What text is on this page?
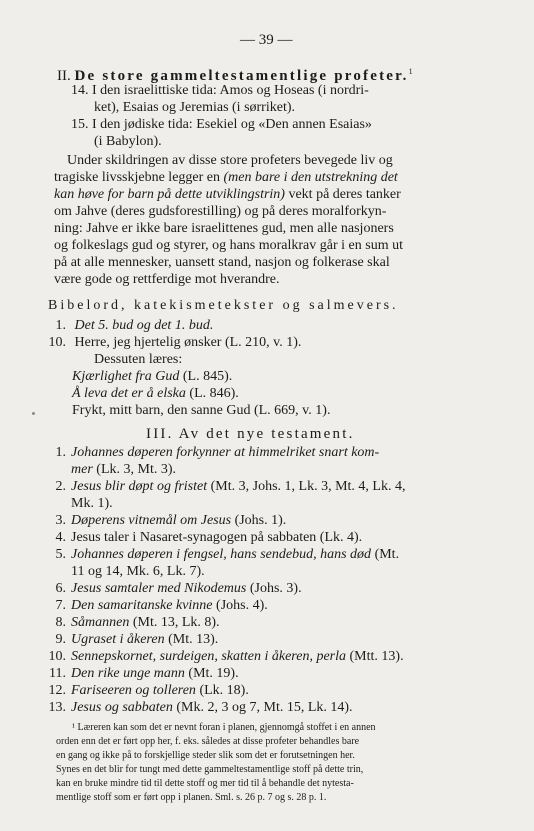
— 39 —
II. De store gammeltestamentlige profeter.$^1$
14. I den israelittiske tida: Amos og Hoseas (i nordri-
ket), Esaias og Jeremias (i sørriket).
15. I den jødiske tida: Esekiel og «Den annen Esaias»
(i Babylon).
Under skildringen av disse store profeters bevegede liv og
tragiske livsskjebne legger en (men bare i den utstrekning det
kan høve for barn på dette utviklingstrin) vekt på deres tanker
om Jahve (deres gudsforestilling) og på deres moralforkyn-
ning: Jahve er ikke bare israelittenes gud, men alle nasjoners
og folkeslags gud og styrer, og hans moralkrav går i en sum ut
på at alle mennesker, uansett stand, nasjon og folkerase skal
være gode og rettferdige mot hverandre.
Bibelord, katekismetekster og salmevers.
1. Det 5. bud og det 1. bud.
10. Herre, jeg hjertelig ønsker (L. 210, v. 1).
Dessuten læres:
Kjærlighet fra Gud (L. 845).
Å leva det er å elska (L. 846).
Frykt, mitt barn, den sanne Gud (L. 669, v. 1).
III. Av det nye testament.
1. Johannes døperen forkynner at himmelriket snart kom-
mer (Lk. 3, Mt. 3).
2. Jesus blir døpt og fristet (Mt. 3, Johs. 1, Lk. 3, Mt. 4, Lk. 4,
Mk. 1).
3. Døperens vitnemål om Jesus (Johs. 1).
4. Jesus taler i Nasaret-synagogen på sabbaten (Lk. 4).
5. Johannes døperen i fengsel, hans sendebud, hans død (Mt.
11 og 14, Mk. 6, Lk. 7).
6. Jesus samtaler med Nikodemus (Johs. 3).
7. Den samaritanske kvinne (Johs. 4).
8. Såmannen (Mt. 13, Lk. 8).
9. Ugraset i åkeren (Mt. 13).
10. Sennepskornet, surdeigen, skatten i åkeren, perla (Mtt. 13).
11. Den rike unge mann (Mt. 19).
12. Fariseeren og tolleren (Lk. 18).
13. Jesus og sabbaten (Mk. 2, 3 og 7, Mt. 15, Lk. 14).
¹ Læreren kan som det er nevnt foran i planen, gjennomgå stoffet i en annen
orden enn det er ført opp her, f. eks. således at disse profeter behandles bare
en gang og ikke på to forskjellige steder slik som det er forutsetningen her.
Synes en det blir for tungt med dette gammeltestamentlige stoff på dette trin,
kan en bruke mindre tid til dette stoff og mer tid til å behandle det nytesta-
mentlige stoff som er ført opp i planen. Sml. s. 26 p. 7 og s. 28 p. 1.
